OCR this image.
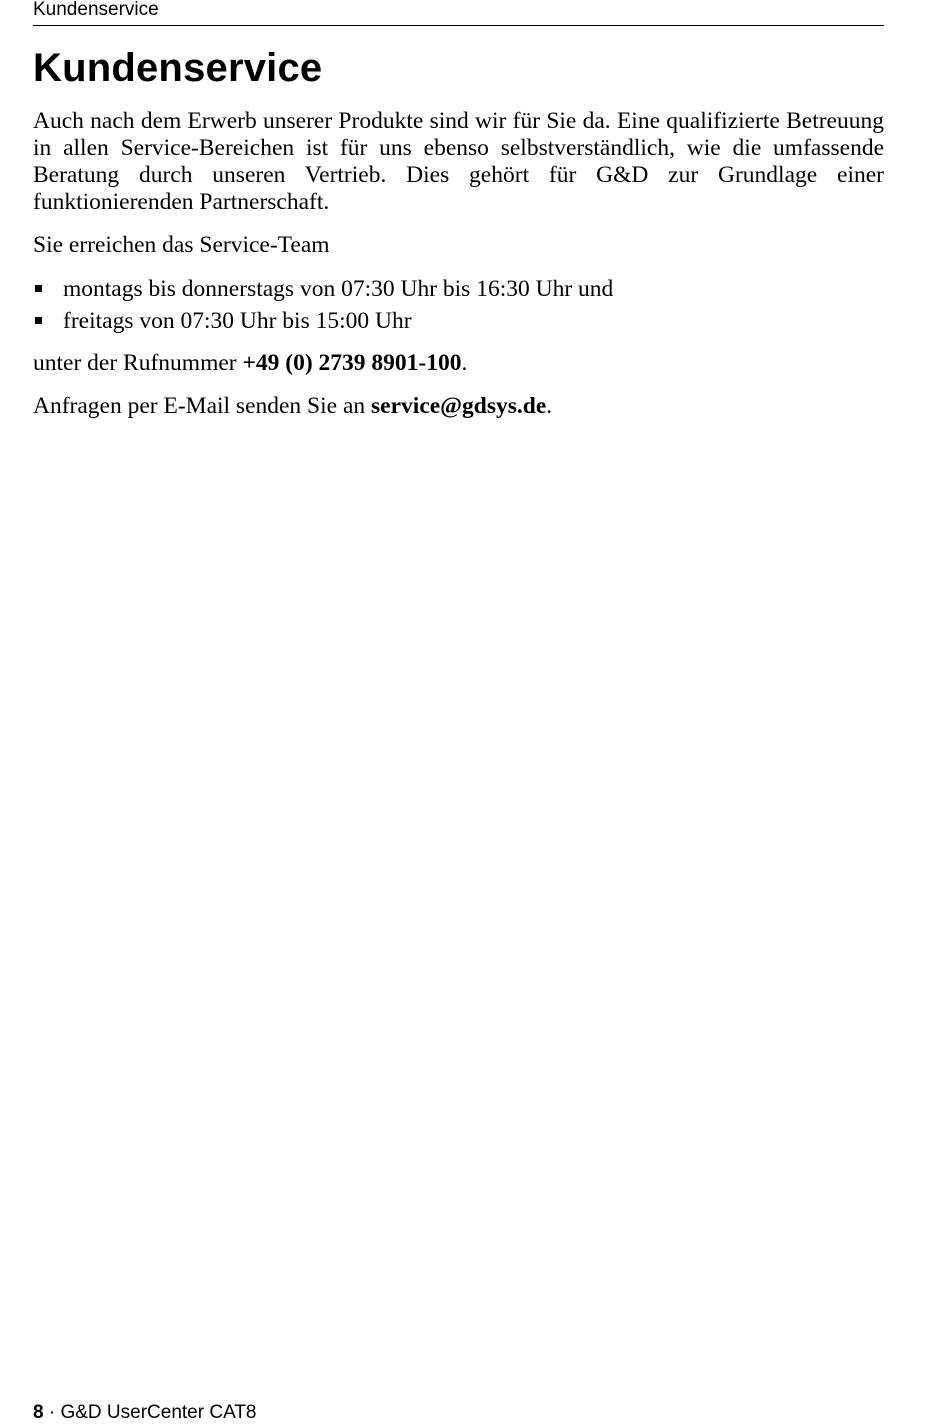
Kundenservice
Kundenservice

Auch nach dem Erwerb unserer Produkte sind wir für Sie da. Eine qualifizierte Betreuung in allen Service-Bereichen ist für uns ebenso selbstverständlich, wie die umfassende Beratung durch unseren Vertrieb. Dies gehört für G&D zur Grundlage einer funktionierenden Partnerschaft.

Sie erreichen das Service-Team

montags bis donnerstags von 07:30 Uhr bis 16:30 Uhr und
freitags von 07:30 Uhr bis 15:00 Uhr

unter der Rufnummer +49 (0) 2739 8901-100.

Anfragen per E-Mail senden Sie an service@gdsys.de.

8 · G&D UserCenter CAT8
